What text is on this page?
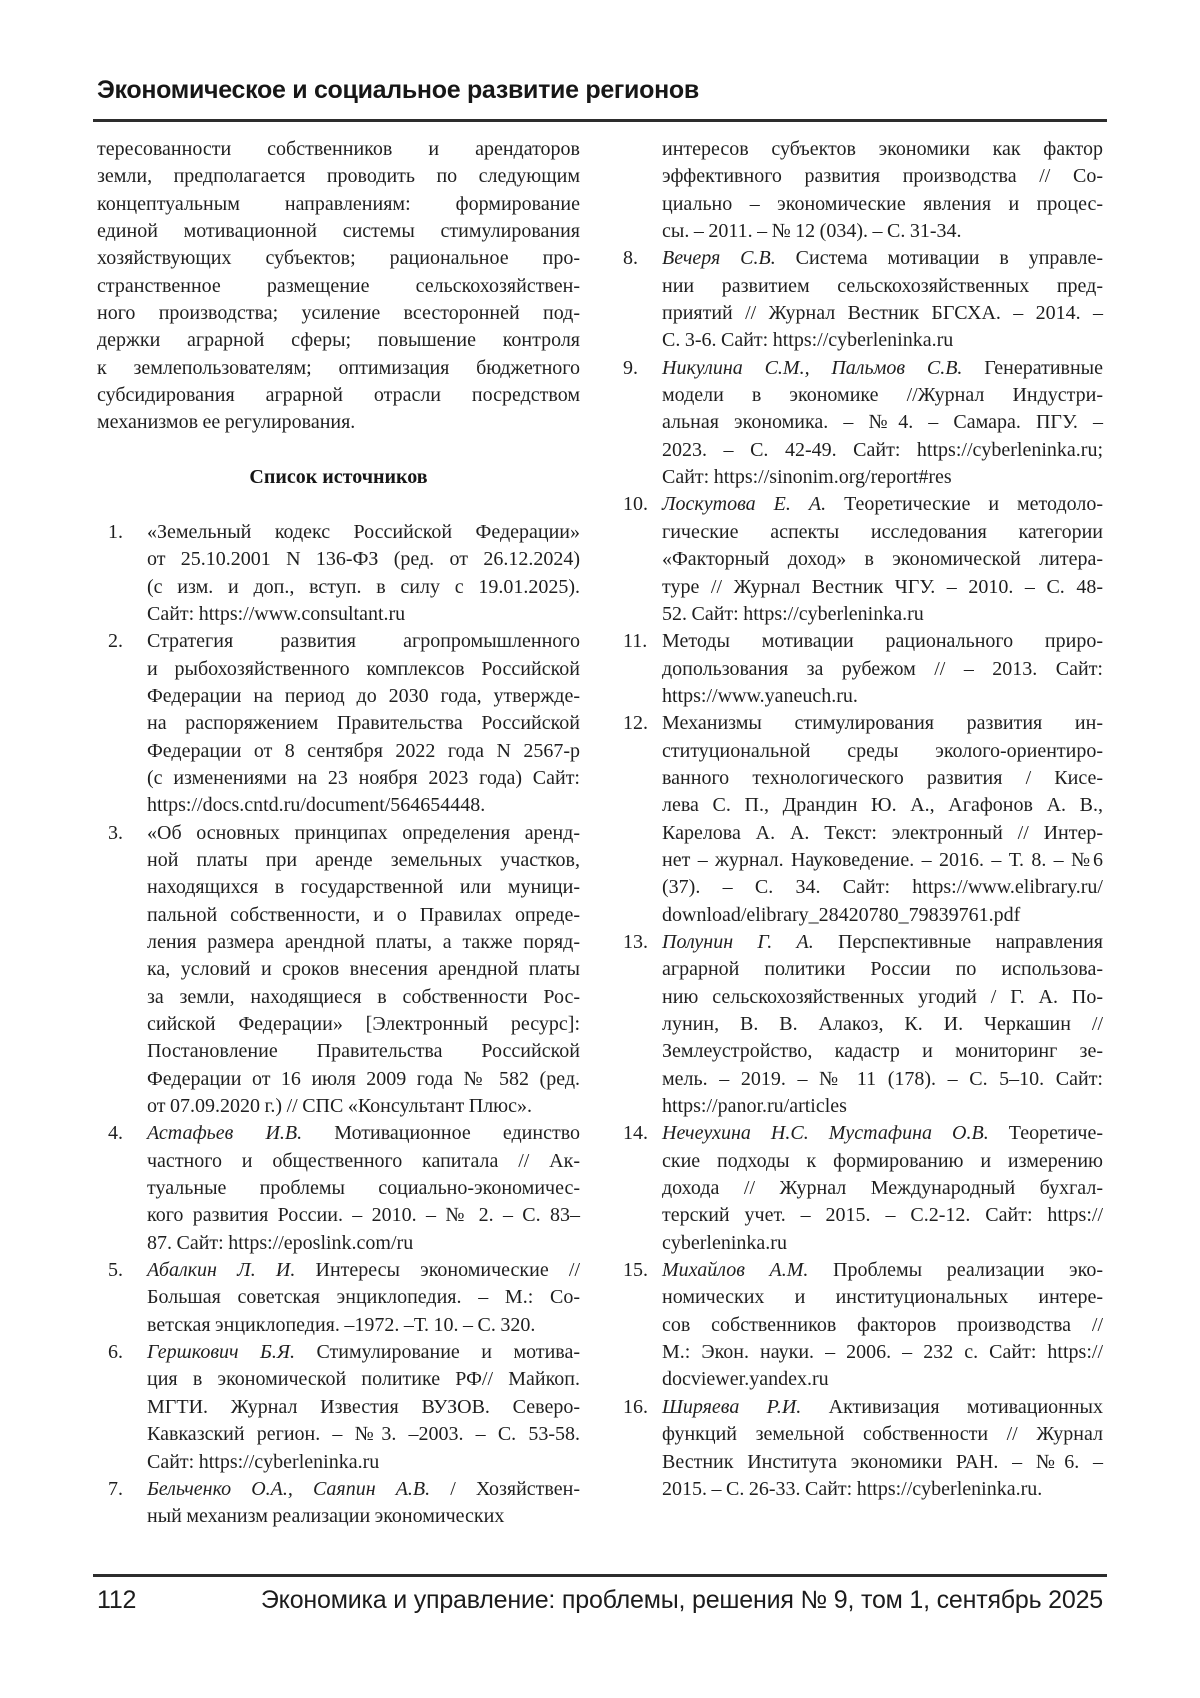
Экономическое и социальное развитие регионов
тересованности собственников и арендаторов
земли, предполагается проводить по следующим
концептуальным направлениям: формирование
единой мотивационной системы стимулирования
хозяйствующих субъектов; рациональное про-
странственное размещение сельскохозяйствен-
ного производства; усиление всесторонней под-
держки аграрной сферы; повышение контроля
к землепользователям; оптимизация бюджетного
субсидирования аграрной отрасли посредством
механизмов ее регулирования.
Список источников
1.	«Земельный кодекс Российской Федерации»
от 25.10.2001 N 136-ФЗ (ред. от 26.12.2024)
(с изм. и доп., вступ. в силу с 19.01.2025).
Сайт: https://www.consultant.ru
2.	Стратегия развития агропромышленного
и рыбохозяйственного комплексов Российской
Федерации на период до 2030 года, утвержде-
на распоряжением Правительства Российской
Федерации от 8 сентября 2022 года N 2567-р
(с изменениями на 23 ноября 2023 года) Сайт:
https://docs.cntd.ru/document/564654448.
3.	«Об основных принципах определения аренд-
ной платы при аренде земельных участков,
находящихся в государственной или муници-
пальной собственности, и о Правилах опреде-
ления размера арендной платы, а также поряд-
ка, условий и сроков внесения арендной платы
за земли, находящиеся в собственности Рос-
сийской Федерации» [Электронный ресурс]:
Постановление Правительства Российской
Федерации от 16 июля 2009 года № 582 (ред.
от 07.09.2020 г.) // СПС «Консультант Плюс».
4.	Астафьев И.В. Мотивационное единство
частного и общественного капитала // Ак-
туальные проблемы социально-экономичес-
кого развития России. – 2010. – № 2. – С. 83–
87. Сайт: https://eposlink.com/ru
5.	Абалкин Л. И. Интересы экономические //
Большая советская энциклопедия. – М.: Со-
ветская энциклопедия. –1972. –Т. 10. – С. 320.
6.	Гершкович Б.Я. Стимулирование и мотива-
ция в экономической политике РФ// Майкоп.
МГТИ. Журнал Известия ВУЗОВ. Северо-
Кавказский регион. – №3. –2003. – С. 53-58.
Сайт: https://cyberleninka.ru
7.	Бельченко О.А., Саяпин А.В. / Хозяйствен-
ный механизм реализации экономических
интересов субъектов экономики как фактор
эффективного развития производства // Со-
циально – экономические явления и процес-
сы. – 2011. – № 12 (034). – С. 31-34.
8.	Вечеря С.В. Система мотивации в управле-
нии развитием сельскохозяйственных пред-
приятий // Журнал Вестник БГСХА. – 2014. –
С. 3-6. Сайт: https://cyberleninka.ru
9.	Никулина С.М., Пальмов С.В. Генеративные
модели в экономике //Журнал Индустри-
альная экономика. – №4. – Самара. ПГУ. –
2023. – С. 42-49. Сайт: https://cyberleninka.ru;
Сайт: https://sinonim.org/report#res
10. Лоскутова Е. А. Теоретические и методоло-
гические аспекты исследования категории
«Факторный доход» в экономической литера-
туре // Журнал Вестник ЧГУ. – 2010. – С. 48-
52. Сайт: https://cyberleninka.ru
11. Методы мотивации рационального приро-
допользования за рубежом // – 2013. Сайт:
https://www.yaneuch.ru.
12. Механизмы стимулирования развития ин-
ституциональной среды эколого-ориентиро-
ванного технологического развития / Кисе-
лева С. П., Драндин Ю. А., Агафонов А. В.,
Карелова А. А. Текст: электронный // Интер-
нет – журнал. Науковедение. – 2016. – Т. 8. – №6
(37). – С. 34. Сайт: https://www.elibrary.ru/
download/elibrary_28420780_79839761.pdf
13. Полунин Г. А. Перспективные направления
аграрной политики России по использова-
нию сельскохозяйственных угодий / Г. А. По-
лунин, В. В. Алакоз, К. И. Черкашин //
Землеустройство, кадастр и мониторинг зе-
мель. – 2019. – № 11 (178). – С. 5–10. Сайт:
https://panor.ru/articles
14. Нечеухина Н.С. Мустафина О.В. Теоретиче-
ские подходы к формированию и измерению
дохода // Журнал Международный бухгал-
терский учет. – 2015. – С.2-12. Сайт: https://
cyberleninka.ru
15. Михайлов А.М. Проблемы реализации эко-
номических и институциональных интере-
сов собственников факторов производства //
М.: Экон. науки. – 2006. – 232 с. Сайт: https://
docviewer.yandex.ru
16. Ширяева Р.И. Активизация мотивационных
функций земельной собственности // Журнал
Вестник Института экономики РАН. – №6. –
2015. – С. 26-33. Сайт: https://cyberleninka.ru.
112	Экономика и управление: проблемы, решения № 9, том 1, сентябрь 2025
